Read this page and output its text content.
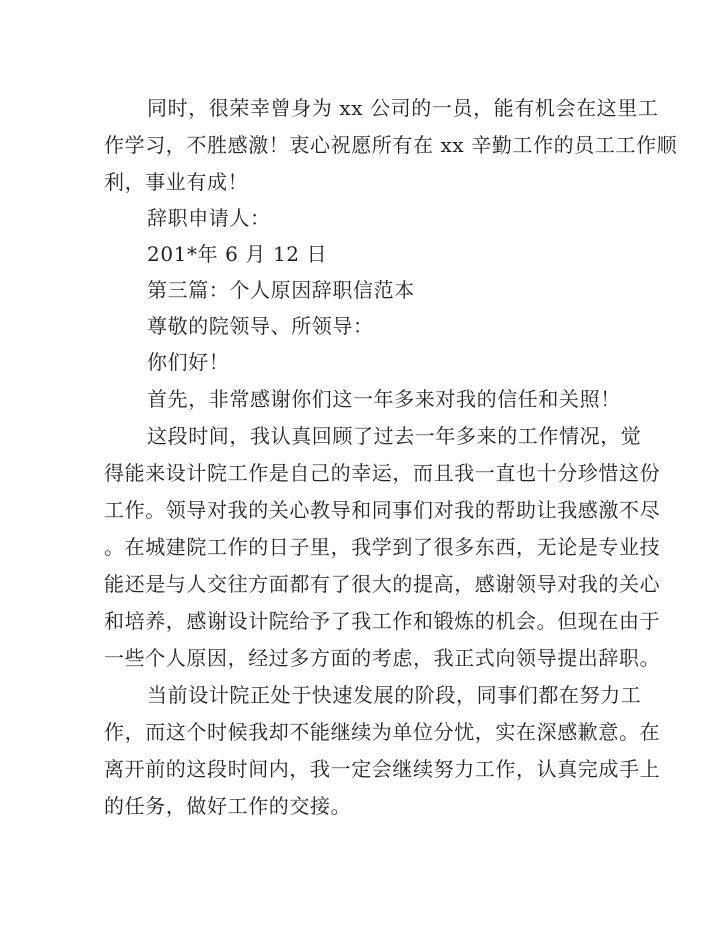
同时，很荣幸曾身为 xx 公司的一员，能有机会在这里工
作学习，不胜感激！衷心祝愿所有在 xx 辛勤工作的员工工作顺
利，事业有成！
辞职申请人：
201*年 6 月 12 日
第三篇：个人原因辞职信范本
尊敬的院领导、所领导：
你们好！
首先，非常感谢你们这一年多来对我的信任和关照！
这段时间，我认真回顾了过去一年多来的工作情况，觉
得能来设计院工作是自己的幸运，而且我一直也十分珍惜这份
工作。领导对我的关心教导和同事们对我的帮助让我感激不尽
。在城建院工作的日子里，我学到了很多东西，无论是专业技
能还是与人交往方面都有了很大的提高，感谢领导对我的关心
和培养，感谢设计院给予了我工作和锻炼的机会。但现在由于
一些个人原因，经过多方面的考虑，我正式向领导提出辞职。
当前设计院正处于快速发展的阶段，同事们都在努力工
作，而这个时候我却不能继续为单位分忧，实在深感歉意。在
离开前的这段时间内，我一定会继续努力工作，认真完成手上
的任务，做好工作的交接。
